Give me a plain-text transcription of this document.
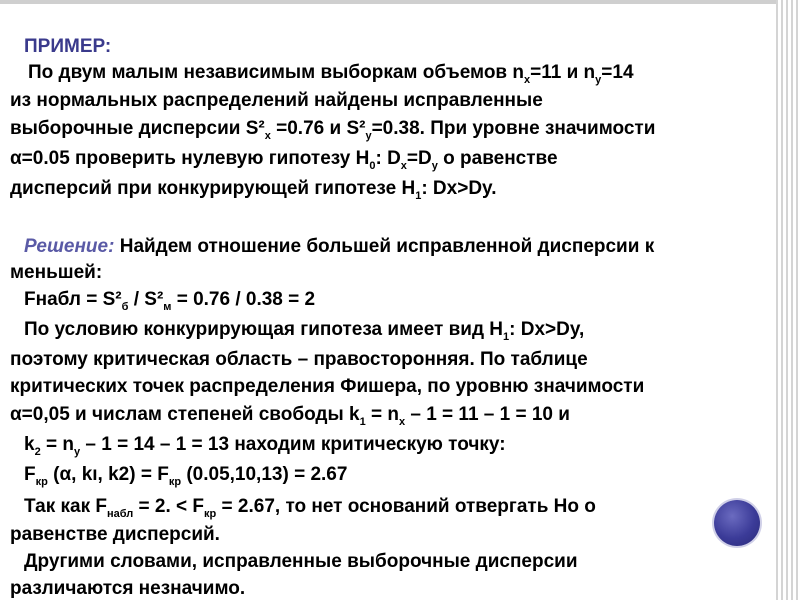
ПРИМЕР:
По двум малым независимым выборкам объемов $n_x=11$ и $n_y=14$
из нормальных распределений найдены исправленные
выборочные дисперсии $S^2_x =0.76$ и $S^2_y=0.38$. При уровне значимости
α=0.05 проверить нулевую гипотезу $H_0$: $D_x=D_y$ о равенстве
дисперсий при конкурирующей гипотезе $H_1$: Dx>Dy.
Решение: Найдем отношение большей исправленной дисперсии к
меньшей:
Fнабл = $S^2_б / S^2_м = 0.76 / 0.38 = 2$
По условию конкурирующая гипотеза имеет вид $H_1$: Dx>Dy,
поэтому критическая область – правосторонняя. По таблице
критических точек распределения Фишера, по уровню значимости
α=0,05 и числам степеней свободы $k_1 = n_x - 1 = 11 - 1 = 10$ и
$k_2 = n_y - 1 = 14 - 1 = 13$ находим критическую точку:
$F_{кр}$ (α, kı, $k2) = F_{кр}$ (0.05,10,13) = 2.67
Так как $F_{набл} = 2$. < $F_{кр} = 2.67$, то нет оснований отвергать Но о
равенстве дисперсий.
Другими словами, исправленные выборочные дисперсии
различаются незначимо.
